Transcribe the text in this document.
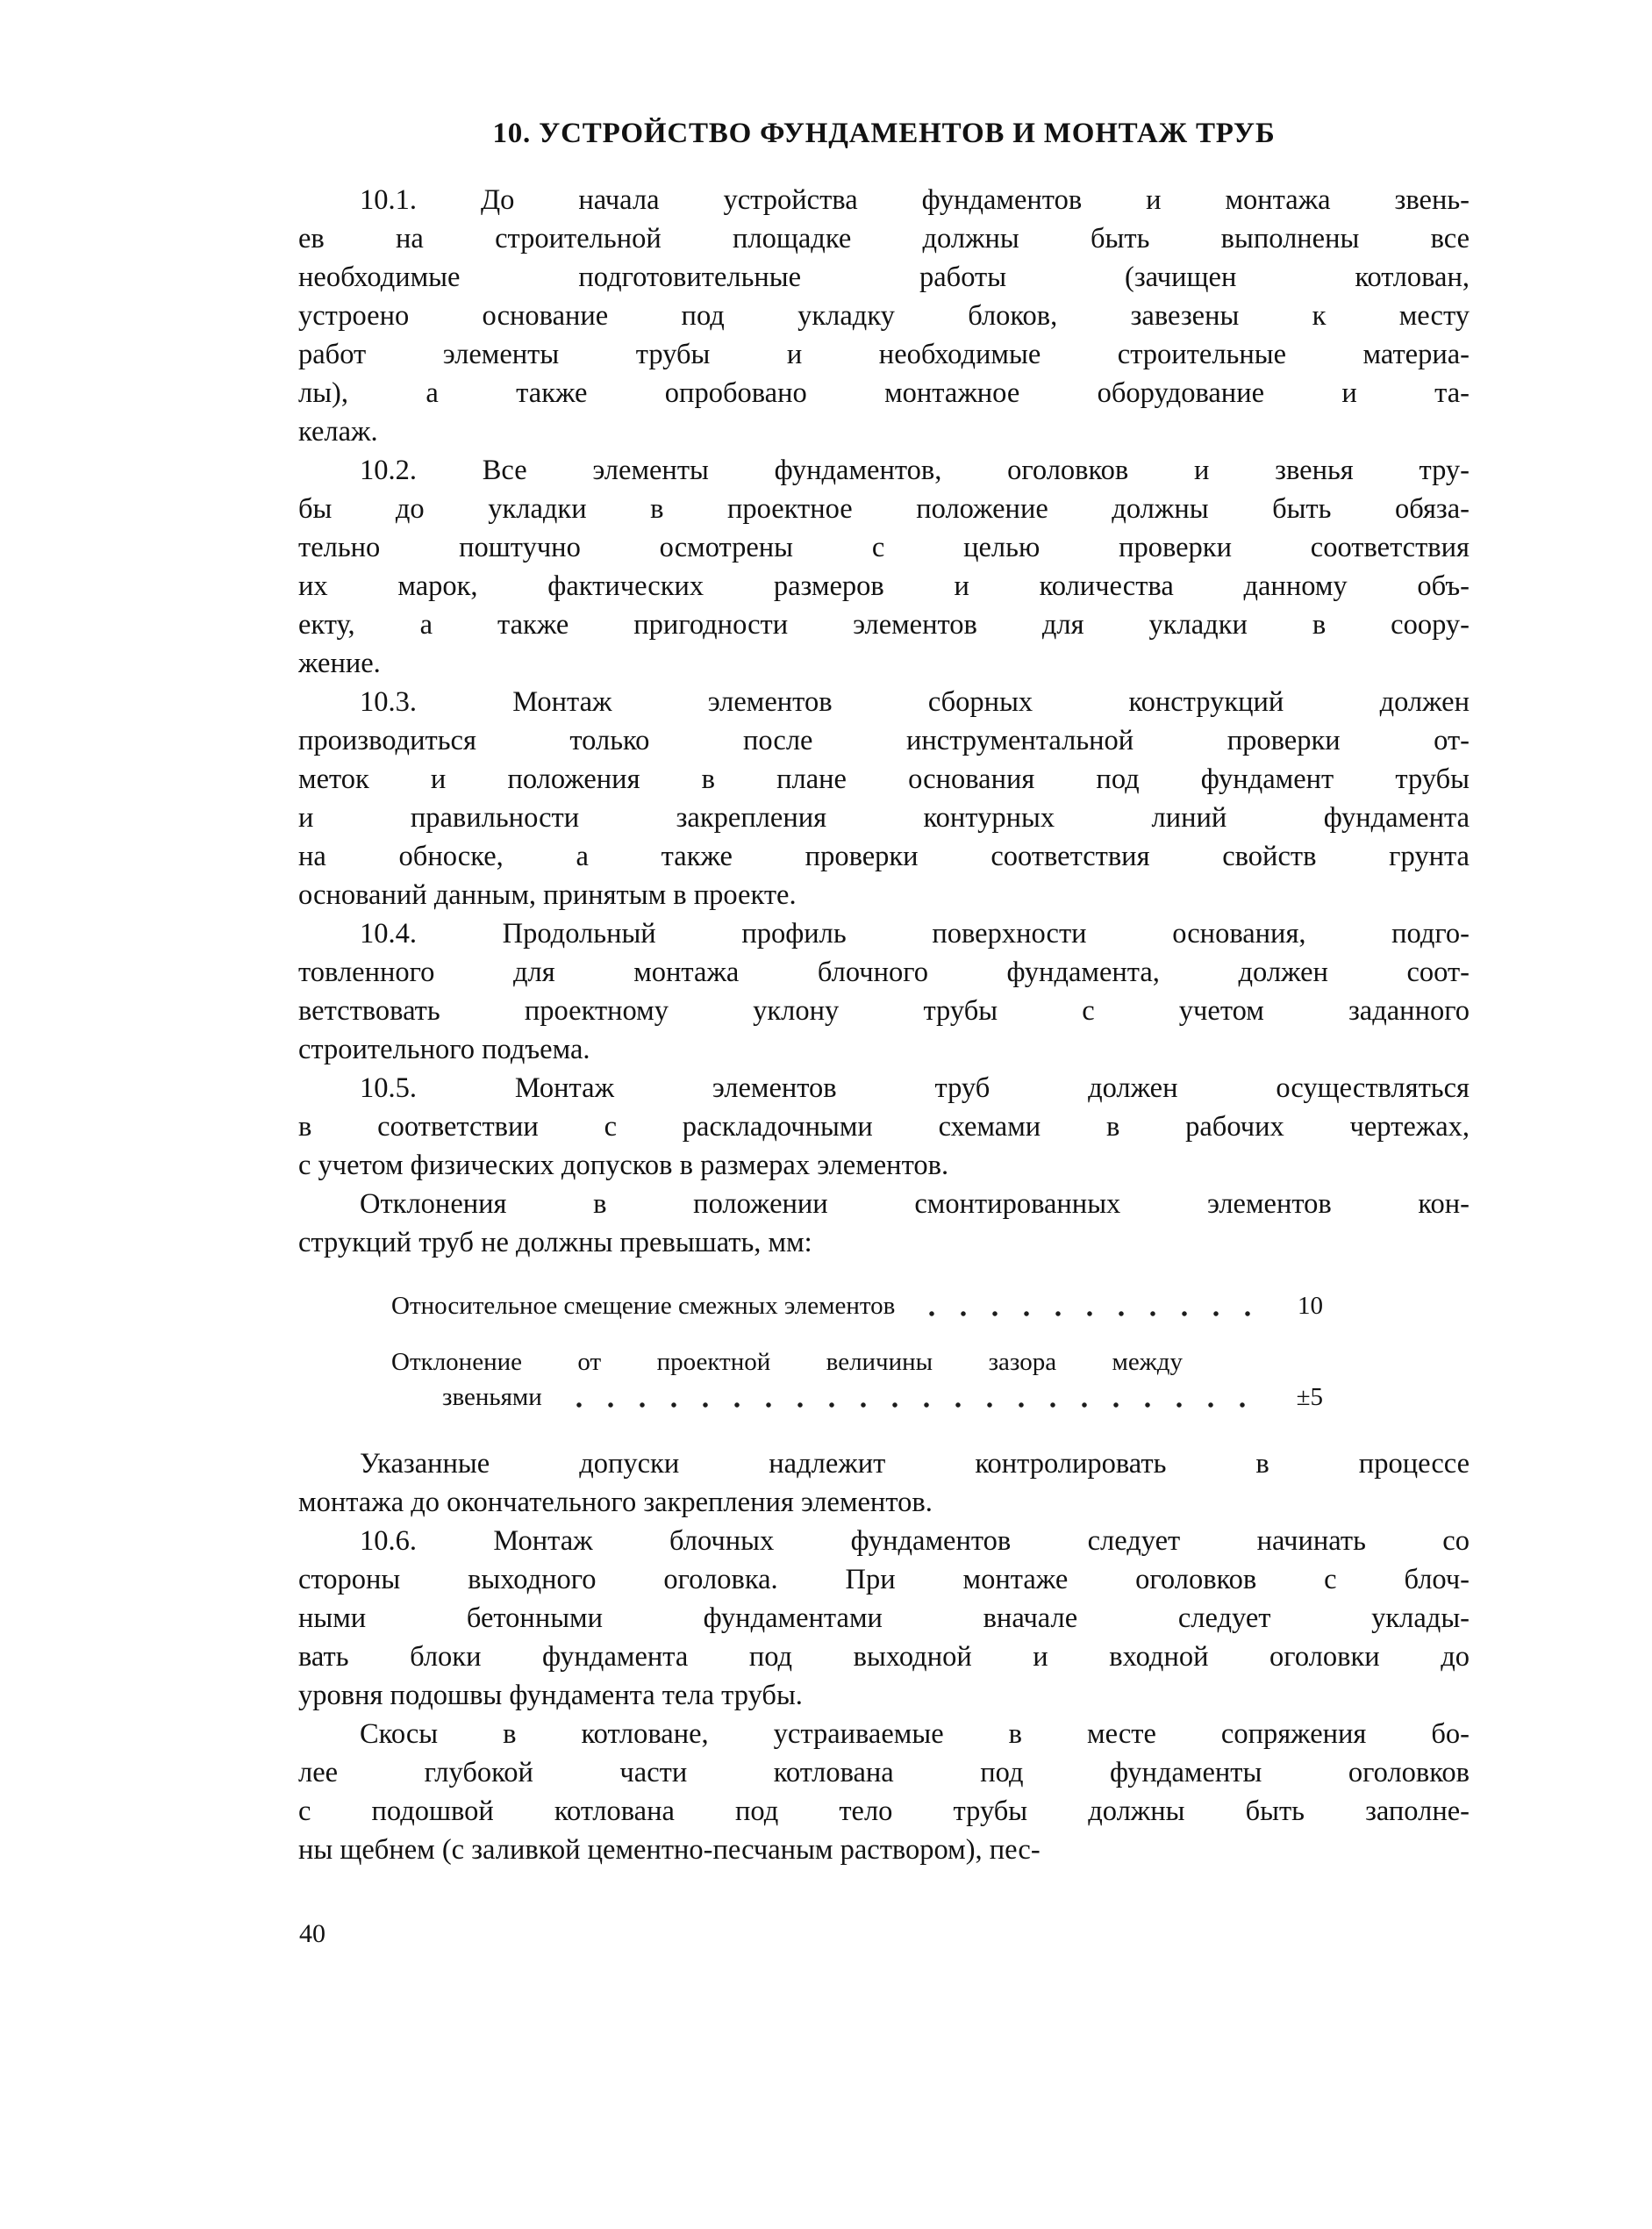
10. УСТРОЙСТВО ФУНДАМЕНТОВ И МОНТАЖ ТРУБ
10.1. До начала устройства фундаментов и монтажа звень-
ев на строительной площадке должны быть выполнены все
необходимые подготовительные работы (зачищен котлован,
устроено основание под укладку блоков, завезены к месту
работ элементы трубы и необходимые строительные материа-
лы), а также опробовано монтажное оборудование и та-
келаж.
10.2. Все элементы фундаментов, оголовков и звенья тру-
бы до укладки в проектное положение должны быть обяза-
тельно поштучно осмотрены с целью проверки соответствия
их марок, фактических размеров и количества данному объ-
екту, а также пригодности элементов для укладки в соору-
жение.
10.3. Монтаж элементов сборных конструкций должен
производиться только после инструментальной проверки от-
меток и положения в плане основания под фундамент трубы
и правильности закрепления контурных линий фундамента
на обноске, а также проверки соответствия свойств грунта
оснований данным, принятым в проекте.
10.4. Продольный профиль поверхности основания, подго-
товленного для монтажа блочного фундамента, должен соот-
ветствовать проектному уклону трубы с учетом заданного
строительного подъема.
10.5. Монтаж элементов труб должен осуществляться
в соответствии с раскладочными схемами в рабочих чертежах,
с учетом физических допусков в размерах элементов.
Отклонения в положении смонтированных элементов кон-
струкций труб не должны превышать, мм:
Относительное смещение смежных элементов	10
Отклонение от проектной величины зазора между
звеньями	±5
Указанные допуски надлежит контролировать в процессе
монтажа до окончательного закрепления элементов.
10.6. Монтаж блочных фундаментов следует начинать со
стороны выходного оголовка. При монтаже оголовков с блоч-
ными бетонными фундаментами вначале следует уклады-
вать блоки фундамента под выходной и входной оголовки до
уровня подошвы фундамента тела трубы.
Скосы в котловане, устраиваемые в месте сопряжения бо-
лее глубокой части котлована под фундаменты оголовков
с подошвой котлована под тело трубы должны быть заполне-
ны щебнем (с заливкой цементно-песчаным раствором), пес-
40
